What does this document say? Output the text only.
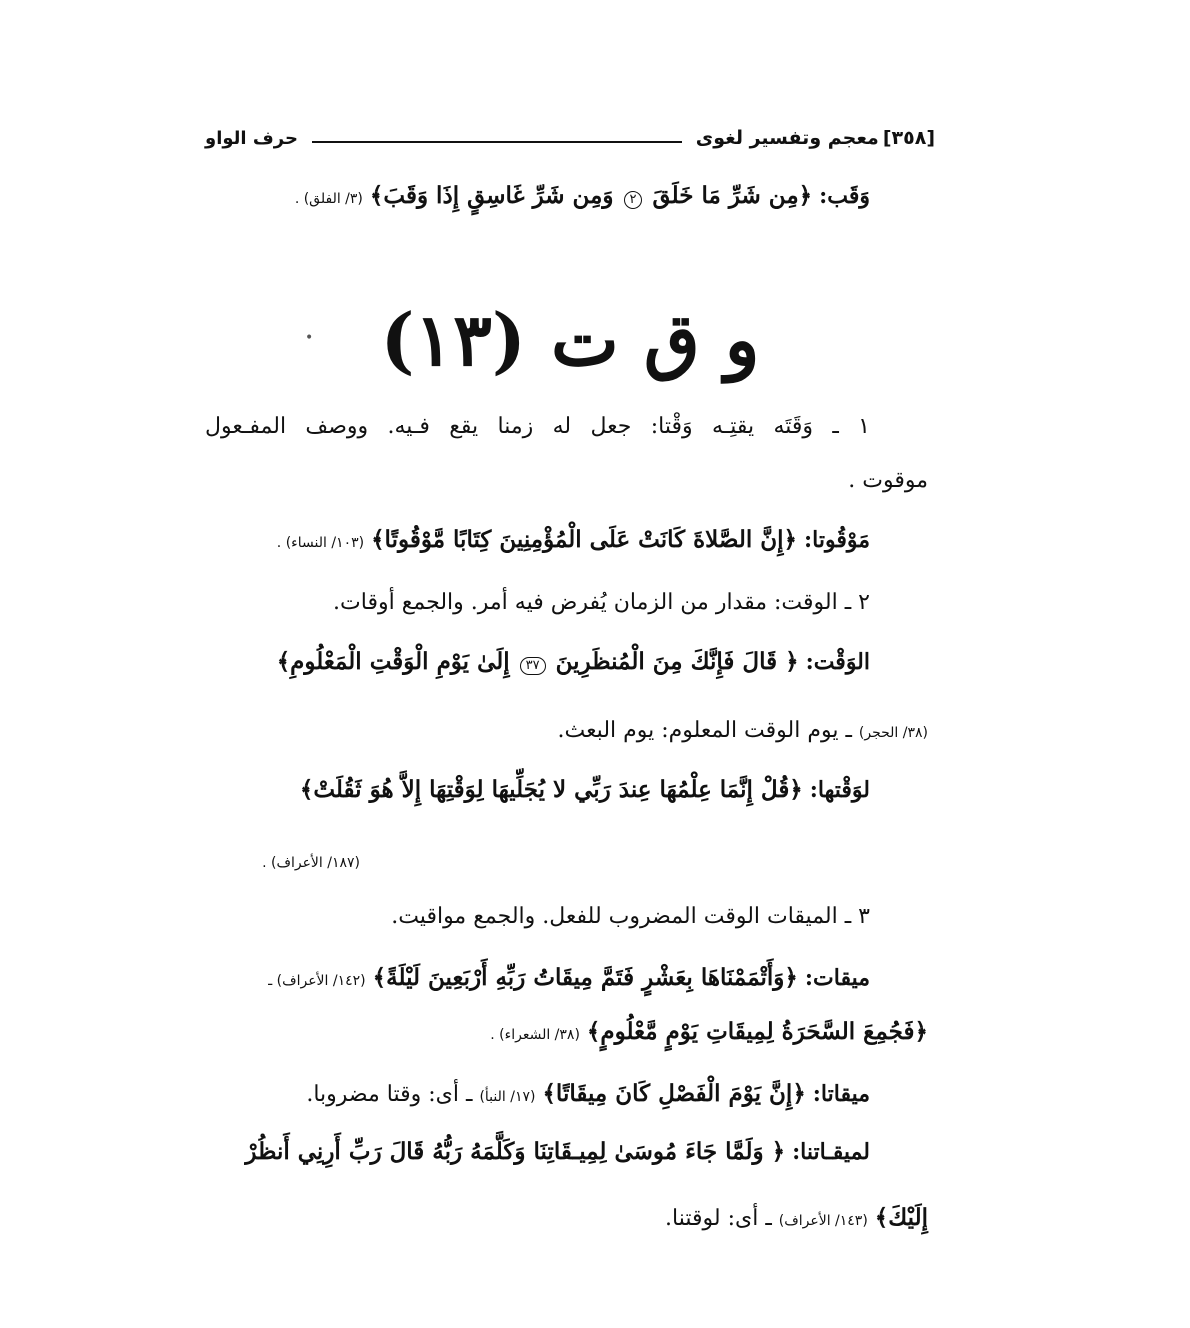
[٣٥٨]
معجم وتفسير لغوى
حرف الواو
وَقَب: ﴿مِن شَرِّ مَا خَلَقَ ٢ وَمِن شَرِّ غَاسِقٍ إِذَا وَقَبَ﴾ (٣/ الفلق) .
و ق ت (١٣)
•
١ ـ وَقَتَه يقتِـه وَقْتا: جعل له زمنا يقع فـيه. ووصف المفـعول
موقوت .
مَوْقُوتا: ﴿إِنَّ الصَّلاةَ كَانَتْ عَلَى الْمُؤْمِنِينَ كِتَابًا مَّوْقُوتًا﴾ (١٠٣/ النساء) .
٢ ـ الوقت: مقدار من الزمان يُفرض فيه أمر. والجمع أوقات.
الوَقْت: ﴿ قَالَ فَإِنَّكَ مِنَ الْمُنظَرِينَ ٣٧ إِلَىٰ يَوْمِ الْوَقْتِ الْمَعْلُومِ﴾
(٣٨/ الحجر) ـ يوم الوقت المعلوم: يوم البعث.
لوَقْتها: ﴿قُلْ إِنَّمَا عِلْمُهَا عِندَ رَبِّي لا يُجَلِّيهَا لِوَقْتِهَا إِلاَّ هُوَ ثَقُلَتْ﴾
(١٨٧/ الأعراف) .
٣ ـ الميقات الوقت المضروب للفعل. والجمع مواقيت.
ميقات: ﴿وَأَتْمَمْنَاهَا بِعَشْرٍ فَتَمَّ مِيقَاتُ رَبِّهِ أَرْبَعِينَ لَيْلَةً﴾ (١٤٢/ الأعراف) ـ
﴿فَجُمِعَ السَّحَرَةُ لِمِيقَاتِ يَوْمٍ مَّعْلُومٍ﴾ (٣٨/ الشعراء) .
ميقاتا: ﴿إِنَّ يَوْمَ الْفَصْلِ كَانَ مِيقَاتًا﴾ (١٧/ النبأ) ـ أى: وقتا مضروبا.
لميقـاتنا: ﴿ وَلَمَّا جَاءَ مُوسَىٰ لِمِيـقَاتِنَا وَكَلَّمَهُ رَبُّهُ قَالَ رَبِّ أَرِنِي أَنظُرْ
إِلَيْكَ﴾ (١٤٣/ الأعراف) ـ أى: لوقتنا.
